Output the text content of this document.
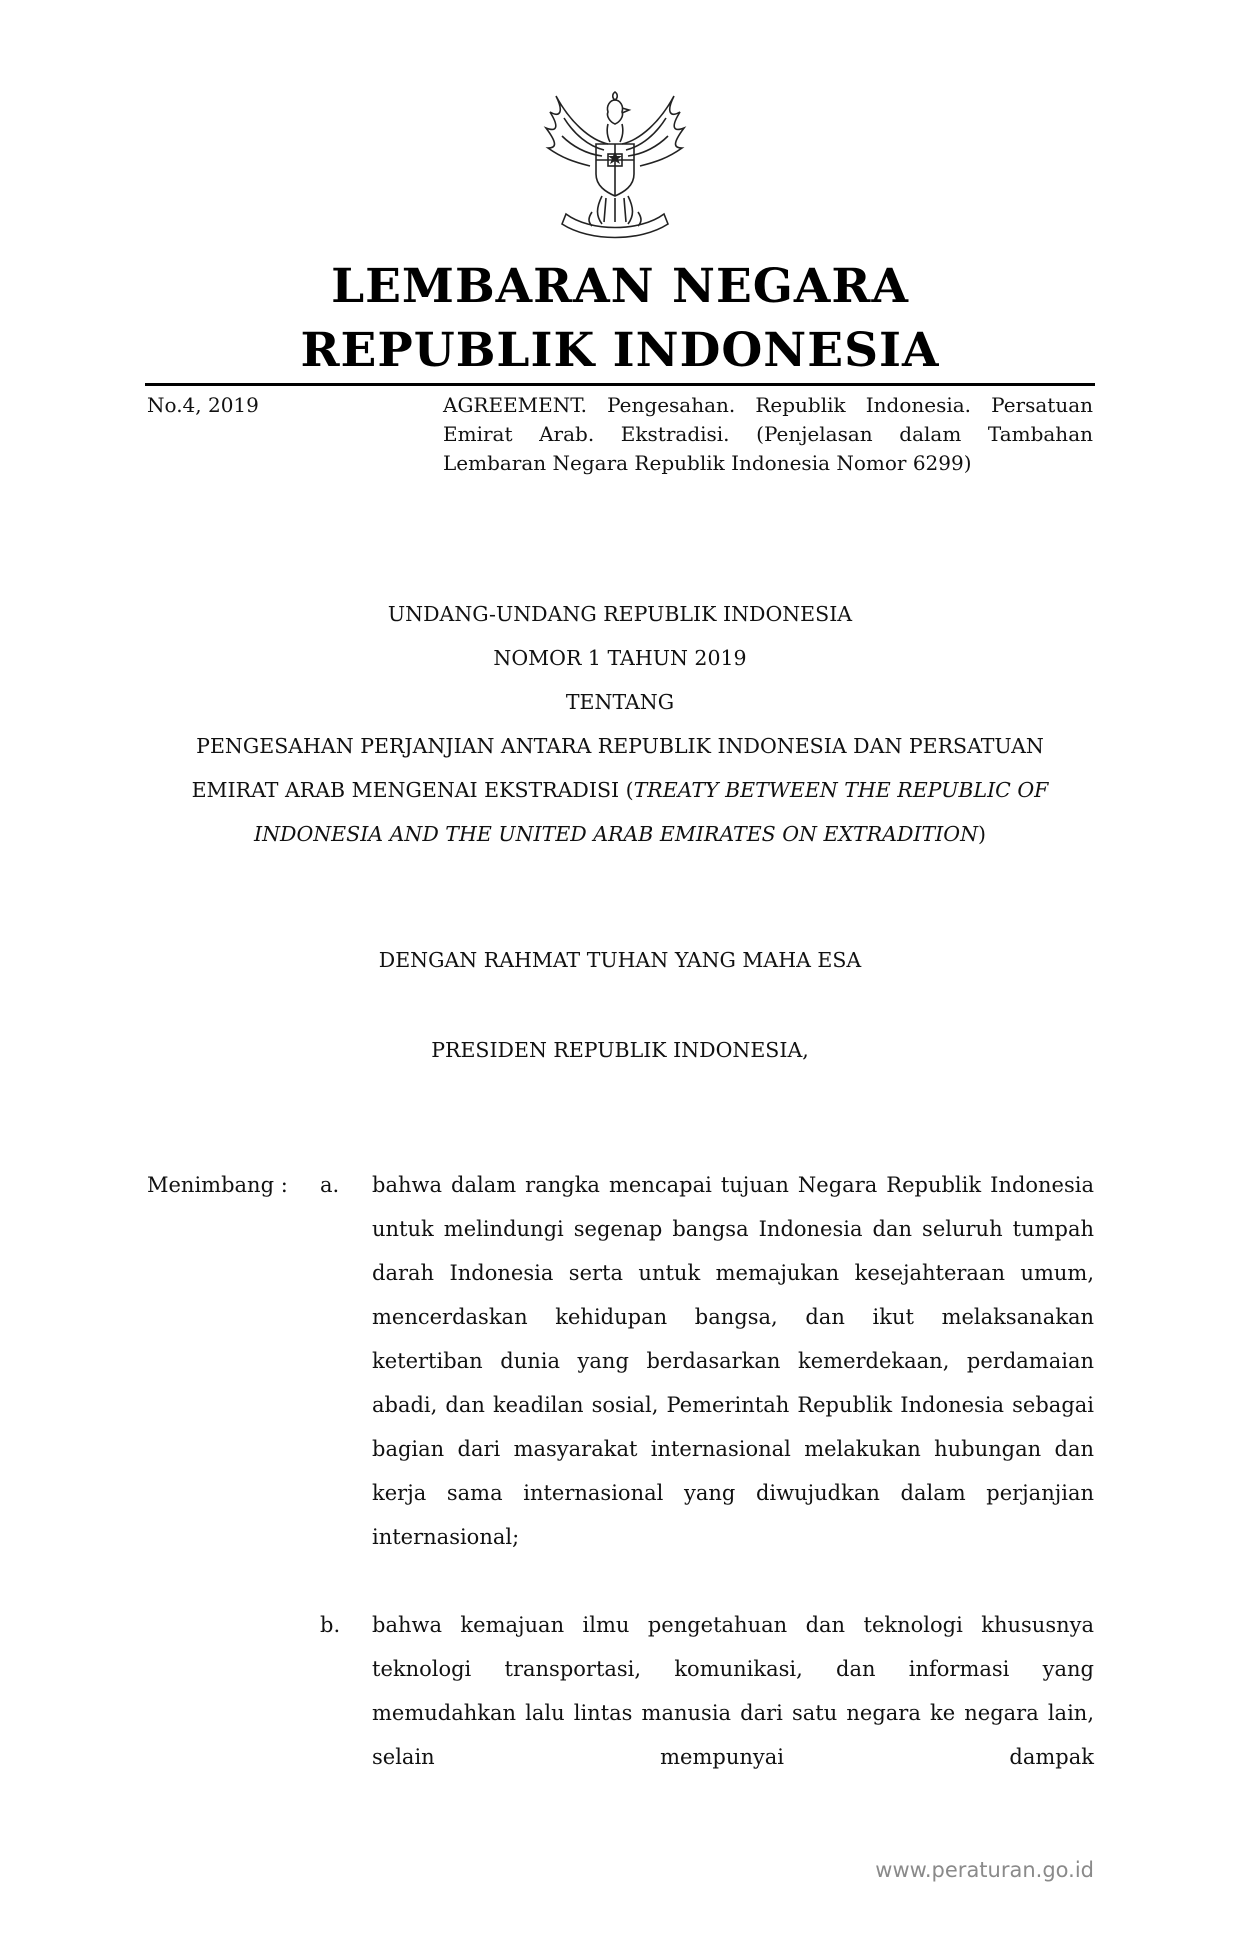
LEMBARAN NEGARA
REPUBLIK INDONESIA
No.4, 2019	AGREEMENT. Pengesahan. Republik Indonesia. Persatuan Emirat Arab. Ekstradisi. (Penjelasan dalam Tambahan Lembaran Negara Republik Indonesia Nomor 6299)

UNDANG-UNDANG REPUBLIK INDONESIA

NOMOR 1 TAHUN 2019

TENTANG

PENGESAHAN PERJANJIAN ANTARA REPUBLIK INDONESIA DAN PERSATUAN EMIRAT ARAB MENGENAI EKSTRADISI (TREATY BETWEEN THE REPUBLIC OF INDONESIA AND THE UNITED ARAB EMIRATES ON EXTRADITION)

DENGAN RAHMAT TUHAN YANG MAHA ESA
PRESIDEN REPUBLIK INDONESIA,
Menimbang : a. bahwa dalam rangka mencapai tujuan Negara Republik Indonesia untuk melindungi segenap bangsa Indonesia dan seluruh tumpah darah Indonesia serta untuk memajukan kesejahteraan umum, mencerdaskan kehidupan bangsa, dan ikut melaksanakan ketertiban dunia yang berdasarkan kemerdekaan, perdamaian abadi, dan keadilan sosial, Pemerintah Republik Indonesia sebagai bagian dari masyarakat internasional melakukan hubungan dan kerja sama internasional yang diwujudkan dalam perjanjian internasional;
b. bahwa kemajuan ilmu pengetahuan dan teknologi khususnya teknologi transportasi, komunikasi, dan informasi yang memudahkan lalu lintas manusia dari satu negara ke negara lain, selain mempunyai dampak
www.peraturan.go.id
